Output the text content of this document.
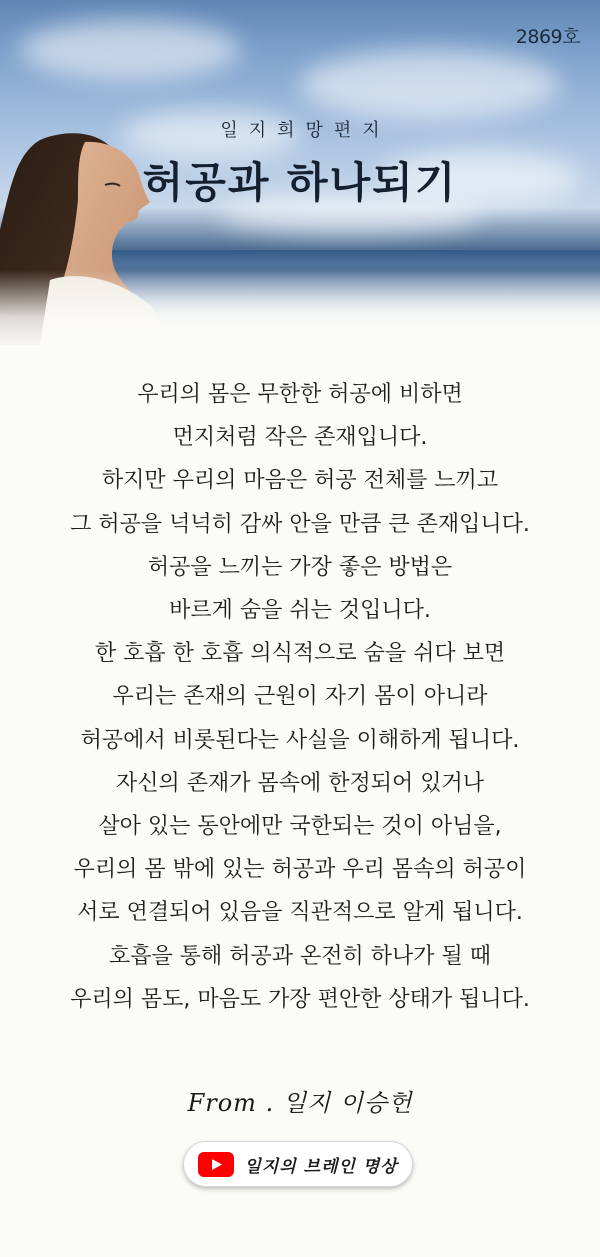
2869호
일지희망편지
허공과 하나되기
우리의 몸은 무한한 허공에 비하면
먼지처럼 작은 존재입니다.
하지만 우리의 마음은 허공 전체를 느끼고
그 허공을 넉넉히 감싸 안을 만큼 큰 존재입니다.
허공을 느끼는 가장 좋은 방법은
바르게 숨을 쉬는 것입니다.
한 호흡 한 호흡 의식적으로 숨을 쉬다 보면
우리는 존재의 근원이 자기 몸이 아니라
허공에서 비롯된다는 사실을 이해하게 됩니다.
자신의 존재가 몸속에 한정되어 있거나
살아 있는 동안에만 국한되는 것이 아님을,
우리의 몸 밖에 있는 허공과 우리 몸속의 허공이
서로 연결되어 있음을 직관적으로 알게 됩니다.
호흡을 통해 허공과 온전히 하나가 될 때
우리의 몸도, 마음도 가장 편안한 상태가 됩니다.
From . 일지 이승헌
일지의 브레인 명상
